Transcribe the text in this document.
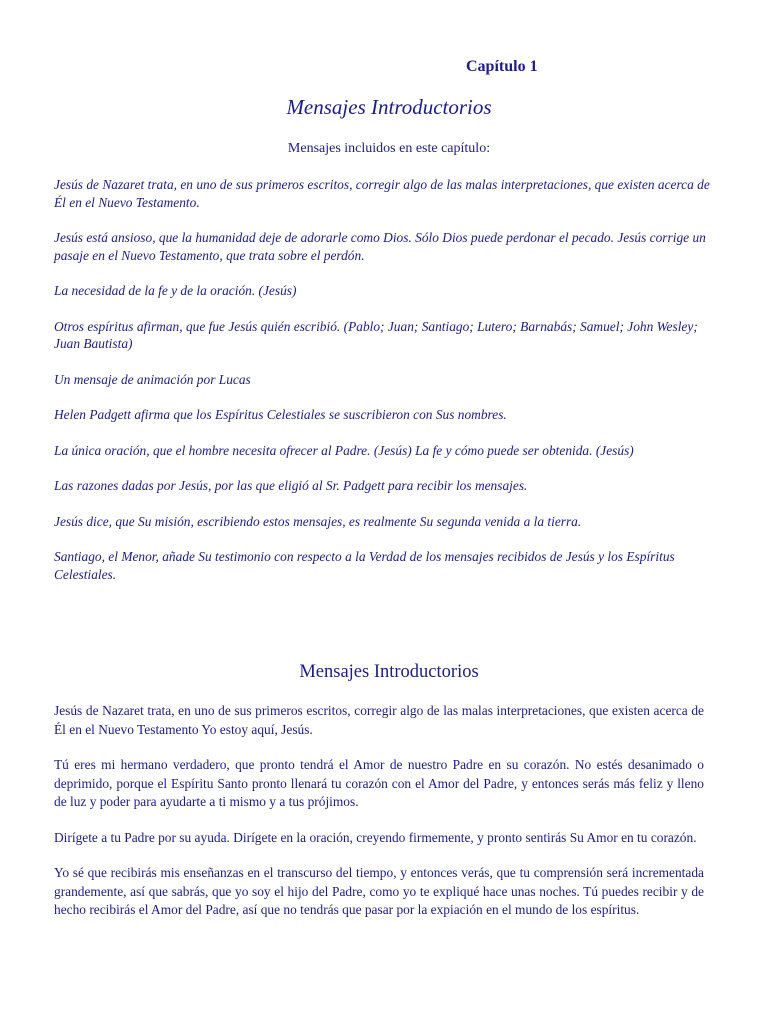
Capítulo 1
Mensajes Introductorios
Mensajes incluidos en este capítulo:

Jesús de Nazaret trata, en uno de sus primeros escritos, corregir algo de las malas interpretaciones, que existen acerca de Él en el Nuevo Testamento.

Jesús está ansioso, que la humanidad deje de adorarle como Dios. Sólo Dios puede perdonar el pecado. Jesús corrige un pasaje en el Nuevo Testamento, que trata sobre el perdón.

La necesidad de la fe y de la oración. (Jesús)

Otros espíritus afirman, que fue Jesús quién escribió. (Pablo; Juan; Santiago; Lutero; Barnabás; Samuel; John Wesley; Juan Bautista)

Un mensaje de animación por Lucas

Helen Padgett afirma que los Espíritus Celestiales se suscribieron con Sus nombres.

La única oración, que el hombre necesita ofrecer al Padre. (Jesús) La fe y cómo puede ser obtenida. (Jesús)

Las razones dadas por Jesús, por las que eligió al Sr. Padgett para recibir los mensajes.

Jesús dice, que Su misión, escribiendo estos mensajes, es realmente Su segunda venida a la tierra.

Santiago, el Menor, añade Su testimonio con respecto a la Verdad de los mensajes recibidos de Jesús y los Espíritus Celestiales.

Mensajes Introductorios

Jesús de Nazaret trata, en uno de sus primeros escritos, corregir algo de las malas interpretaciones, que existen acerca de Él en el Nuevo Testamento Yo estoy aquí, Jesús.

Tú eres mi hermano verdadero, que pronto tendrá el Amor de nuestro Padre en su corazón. No estés desanimado o deprimido, porque el Espíritu Santo pronto llenará tu corazón con el Amor del Padre, y entonces serás más feliz y lleno de luz y poder para ayudarte a ti mismo y a tus prójimos.

Dirígete a tu Padre por su ayuda. Dirígete en la oración, creyendo firmemente, y pronto sentirás Su Amor en tu corazón.

Yo sé que recibirás mis enseñanzas en el transcurso del tiempo, y entonces verás, que tu comprensión será incrementada grandemente, así que sabrás, que yo soy el hijo del Padre, como yo te expliqué hace unas noches. Tú puedes recibir y de hecho recibirás el Amor del Padre, así que no tendrás que pasar por la expiación en el mundo de los espíritus.
